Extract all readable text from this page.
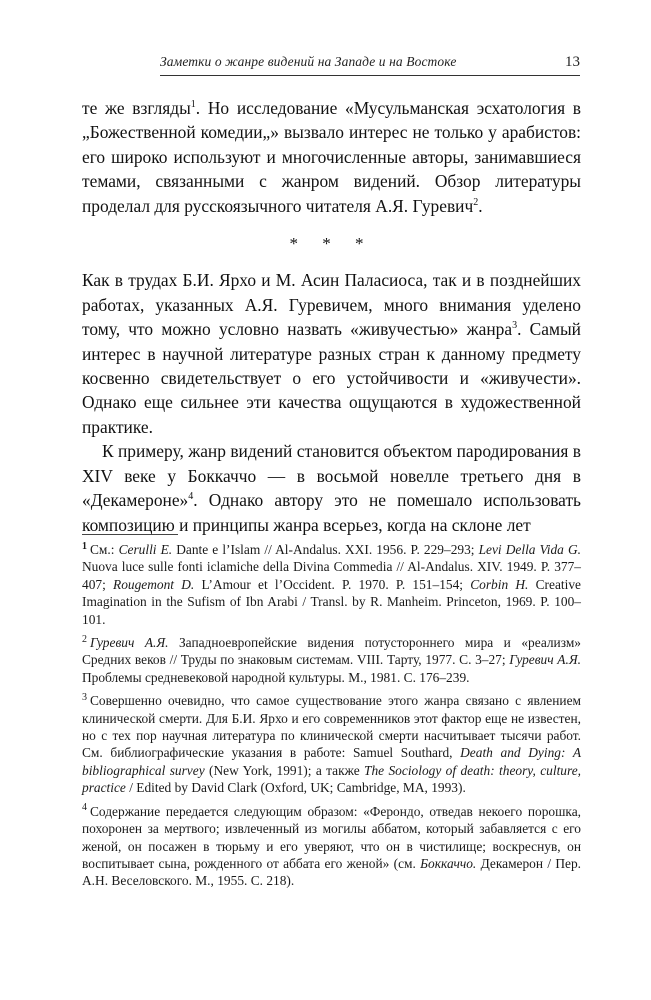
Заметки о жанре видений на Западе и на Востоке	13

те же взгляды$^1$. Но исследование «Мусульманская эсхатология в „Божественной комедии„» вызвало интерес не только у арабистов: его широко используют и многочисленные авторы, занимавшиеся темами, связанными с жанром видений. Обзор литературы проделал для русскоязычного читателя А.Я. Гуревич$^2$.

* * *

Как в трудах Б.И. Ярхо и М. Асин Паласиоса, так и в позднейших работах, указанных А.Я. Гуревичем, много внимания уделено тому, что можно условно назвать «живучестью» жанра$^3$. Самый интерес в научной литературе разных стран к данному предмету косвенно свидетельствует о его устойчивости и «живучести». Однако еще сильнее эти качества ощущаются в художественной практике.

К примеру, жанр видений становится объектом пародирования в XIV веке у Боккаччо — в восьмой новелле третьего дня в «Декамероне»$^4$. Однако автору это не помешало использовать композицию и принципы жанра всерьез, когда на склоне лет

$^1$ См.: Cerulli E. Dante e l’Islam // Al-Andalus. XXI. 1956. P. 229–293; Levi Della Vida G. Nuova luce sulle fonti iclamiche della Divina Commedia // Al-Andalus. XIV. 1949. P. 377–407; Rougemont D. L’Amour et l’Occident. P. 1970. P. 151–154; Corbin H. Creative Imagination in the Sufism of Ibn Arabi / Transl. by R. Manheim. Princeton, 1969. P. 100–101.

$^2$ Гуревич А.Я. Западноевропейские видения потустороннего мира и «реализм» Средних веков // Труды по знаковым системам. VIII. Тарту, 1977. С. 3–27; Гуревич А.Я. Проблемы средневековой народной культуры. М., 1981. С. 176–239.

$^3$ Совершенно очевидно, что самое существование этого жанра связано с явлением клинической смерти. Для Б.И. Ярхо и его современников этот фактор еще не известен, но с тех пор научная литература по клинической смерти насчитывает тысячи работ. См. библиографические указания в работе: Samuel Southard, Death and Dying: A bibliographical survey (New York, 1991); а также The Sociology of death: theory, culture, practice / Edited by David Clark (Oxford, UK; Cambridge, MA, 1993).

$^4$ Содержание передается следующим образом: «Ферондо, отведав некоего порошка, похоронен за мертвого; извлеченный из могилы аббатом, который забавляется с его женой, он посажен в тюрьму и его уверяют, что он в чистилище; воскреснув, он воспитывает сына, рожденного от аббата его женой» (см. Боккаччо. Декамерон / Пер. А.Н. Веселовского. М., 1955. С. 218).
